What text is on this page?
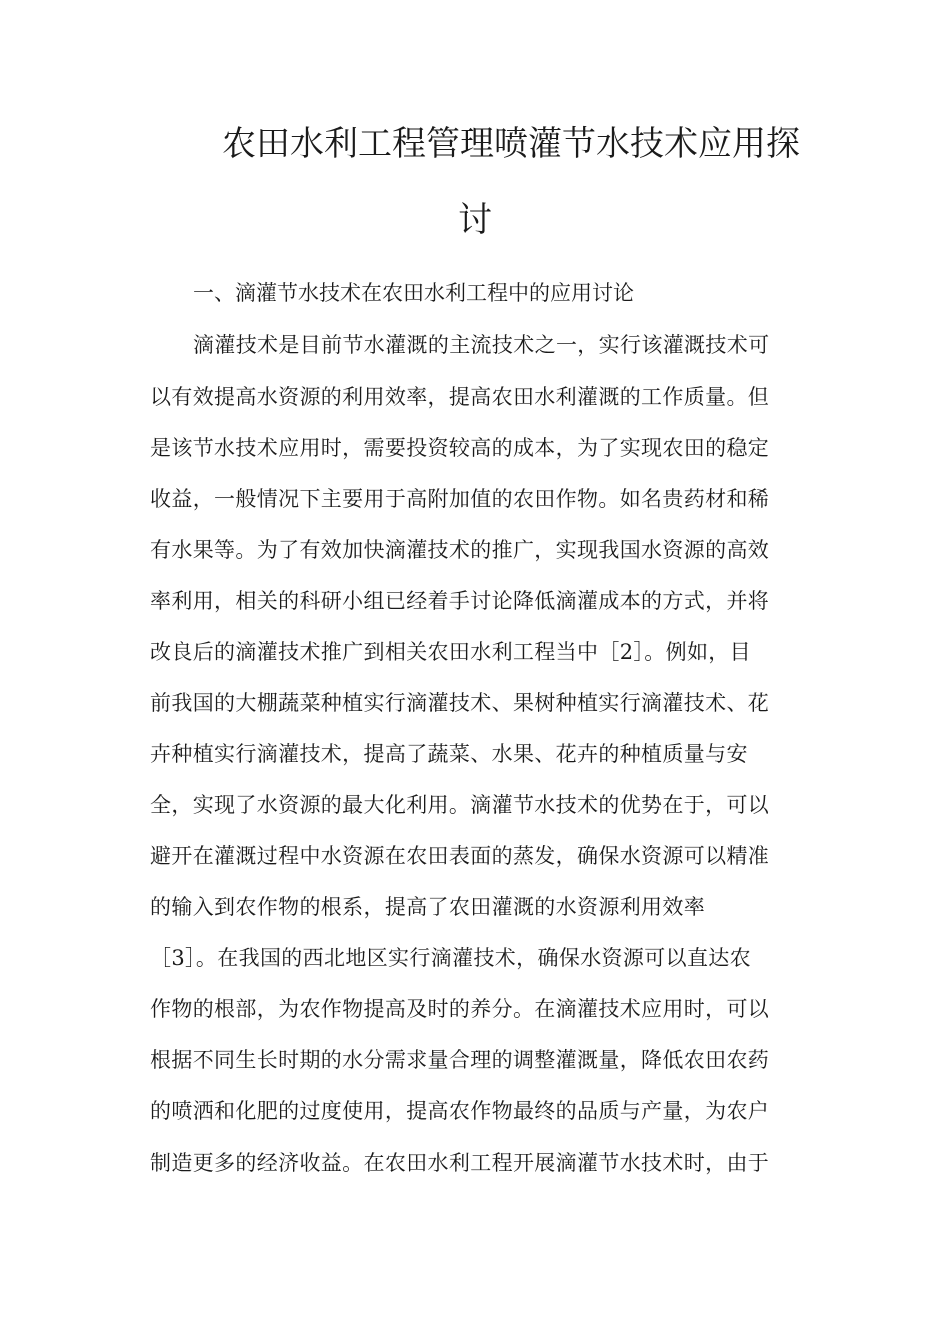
农田水利工程管理喷灌节水技术应用探
讨
一、滴灌节水技术在农田水利工程中的应用讨论
滴灌技术是目前节水灌溉的主流技术之一，实行该灌溉技术可
以有效提高水资源的利用效率，提高农田水利灌溉的工作质量。但
是该节水技术应用时，需要投资较高的成本，为了实现农田的稳定
收益，一般情况下主要用于高附加值的农田作物。如名贵药材和稀
有水果等。为了有效加快滴灌技术的推广，实现我国水资源的高效
率利用，相关的科研小组已经着手讨论降低滴灌成本的方式，并将
改良后的滴灌技术推广到相关农田水利工程当中［2］。例如，目
前我国的大棚蔬菜种植实行滴灌技术、果树种植实行滴灌技术、花
卉种植实行滴灌技术，提高了蔬菜、水果、花卉的种植质量与安
全，实现了水资源的最大化利用。滴灌节水技术的优势在于，可以
避开在灌溉过程中水资源在农田表面的蒸发，确保水资源可以精准
的输入到农作物的根系，提高了农田灌溉的水资源利用效率
［3］。在我国的西北地区实行滴灌技术，确保水资源可以直达农
作物的根部，为农作物提高及时的养分。在滴灌技术应用时，可以
根据不同生长时期的水分需求量合理的调整灌溉量，降低农田农药
的喷洒和化肥的过度使用，提高农作物最终的品质与产量，为农户
制造更多的经济收益。在农田水利工程开展滴灌节水技术时，由于
